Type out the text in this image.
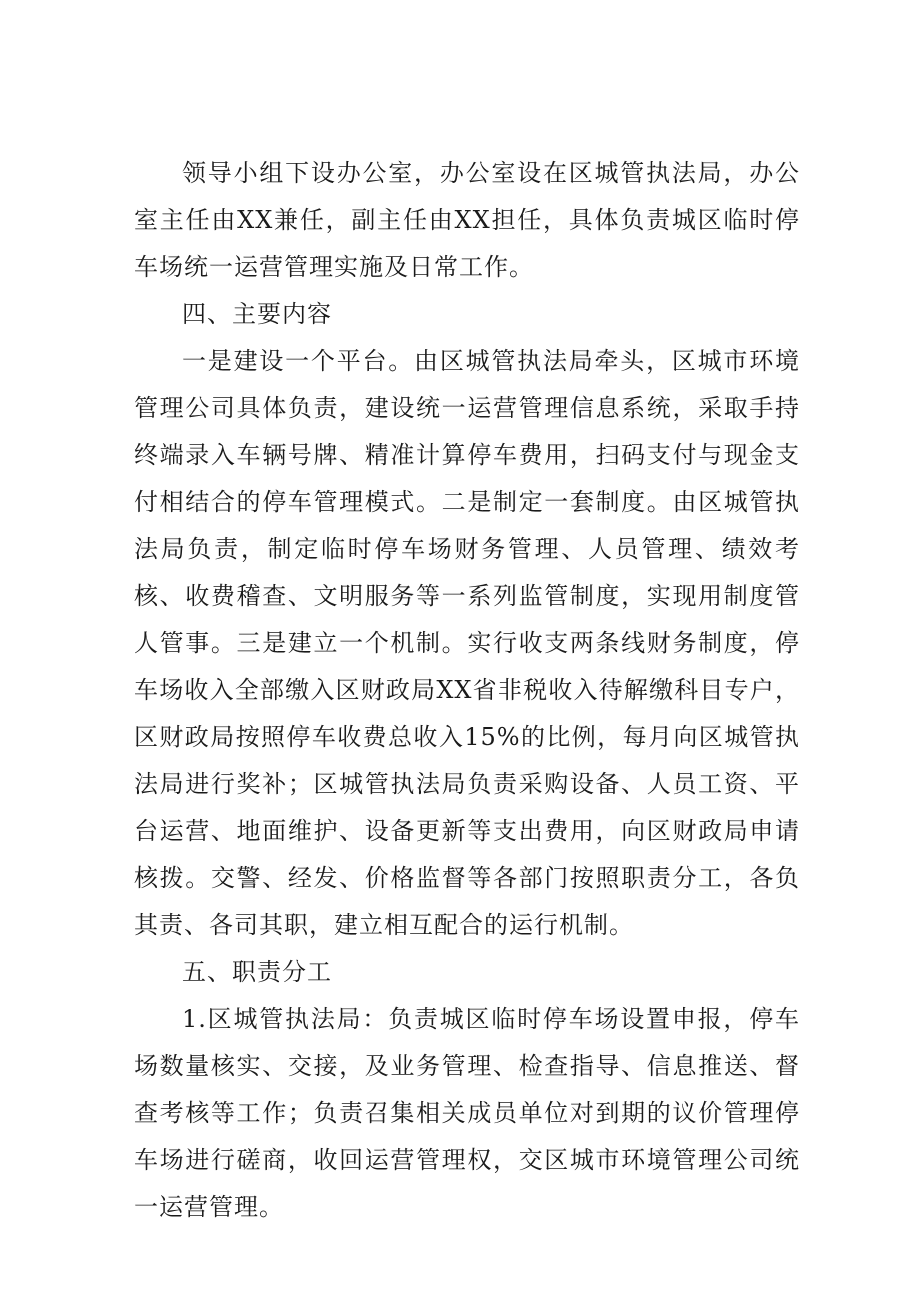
领导小组下设办公室，办公室设在区城管执法局，办公室主任由XX兼任，副主任由XX担任，具体负责城区临时停车场统一运营管理实施及日常工作。

四、主要内容

一是建设一个平台。由区城管执法局牵头，区城市环境管理公司具体负责，建设统一运营管理信息系统，采取手持终端录入车辆号牌、精准计算停车费用，扫码支付与现金支付相结合的停车管理模式。二是制定一套制度。由区城管执法局负责，制定临时停车场财务管理、人员管理、绩效考核、收费稽查、文明服务等一系列监管制度，实现用制度管人管事。三是建立一个机制。实行收支两条线财务制度，停车场收入全部缴入区财政局XX省非税收入待解缴科目专户，区财政局按照停车收费总收入15%的比例，每月向区城管执法局进行奖补；区城管执法局负责采购设备、人员工资、平台运营、地面维护、设备更新等支出费用，向区财政局申请核拨。交警、经发、价格监督等各部门按照职责分工，各负其责、各司其职，建立相互配合的运行机制。

五、职责分工

1.区城管执法局：负责城区临时停车场设置申报，停车场数量核实、交接，及业务管理、检查指导、信息推送、督查考核等工作；负责召集相关成员单位对到期的议价管理停车场进行磋商，收回运营管理权，交区城市环境管理公司统一运营管理。
